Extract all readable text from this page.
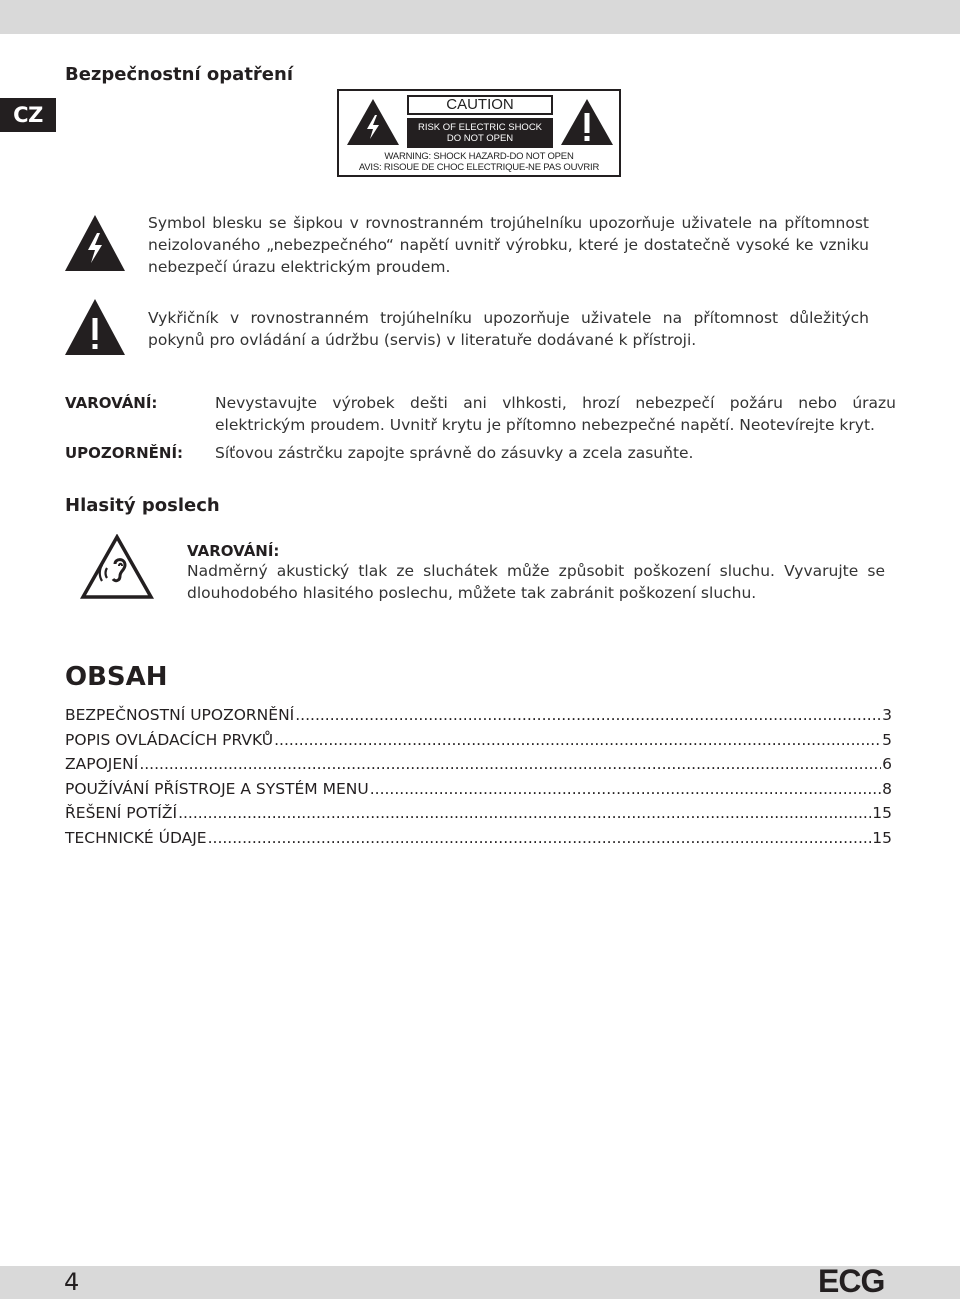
CZ
Bezpečnostní opatření
CAUTION
RISK OF ELECTRIC SHOCK
DO NOT OPEN
WARNING: SHOCK HAZARD-DO NOT OPEN
AVIS: RISOUE DE CHOC ELECTRIQUE-NE PAS OUVRIR
Symbol blesku se šipkou v rovnostranném trojúhelníku upozorňuje uživatele na přítomnost neizolovaného „nebezpečného“ napětí uvnitř výrobku, které je dostatečně vysoké ke vzniku nebezpečí úrazu elektrickým proudem.
Vykřičník v rovnostranném trojúhelníku upozorňuje uživatele na přítomnost důležitých pokynů pro ovládání a údržbu (servis) v literatuře dodávané k přístroji.
VAROVÁNÍ:	Nevystavujte výrobek dešti ani vlhkosti, hrozí nebezpečí požáru nebo úrazu elektrickým proudem. Uvnitř krytu je přítomno nebezpečné napětí. Neotevírejte kryt.
UPOZORNĚNÍ: Síťovou zástrčku zapojte správně do zásuvky a zcela zasuňte.
Hlasitý poslech
VAROVÁNÍ:
Nadměrný akustický tlak ze sluchátek může způsobit poškození sluchu. Vyvarujte se dlouhodobého hlasitého poslechu, můžete tak zabránit poškození sluchu.
OBSAH
BEZPEČNOSTNÍ UPOZORNĚNÍ .....	3
POPIS OVLÁDACÍCH PRVKŮ .....	5
ZAPOJENÍ .....	6
POUŽÍVÁNÍ PŘÍSTROJE A SYSTÉM MENU .....	8
ŘEŠENÍ POTÍŽÍ .....	15
TECHNICKÉ ÚDAJE .....	15
4	ECG
